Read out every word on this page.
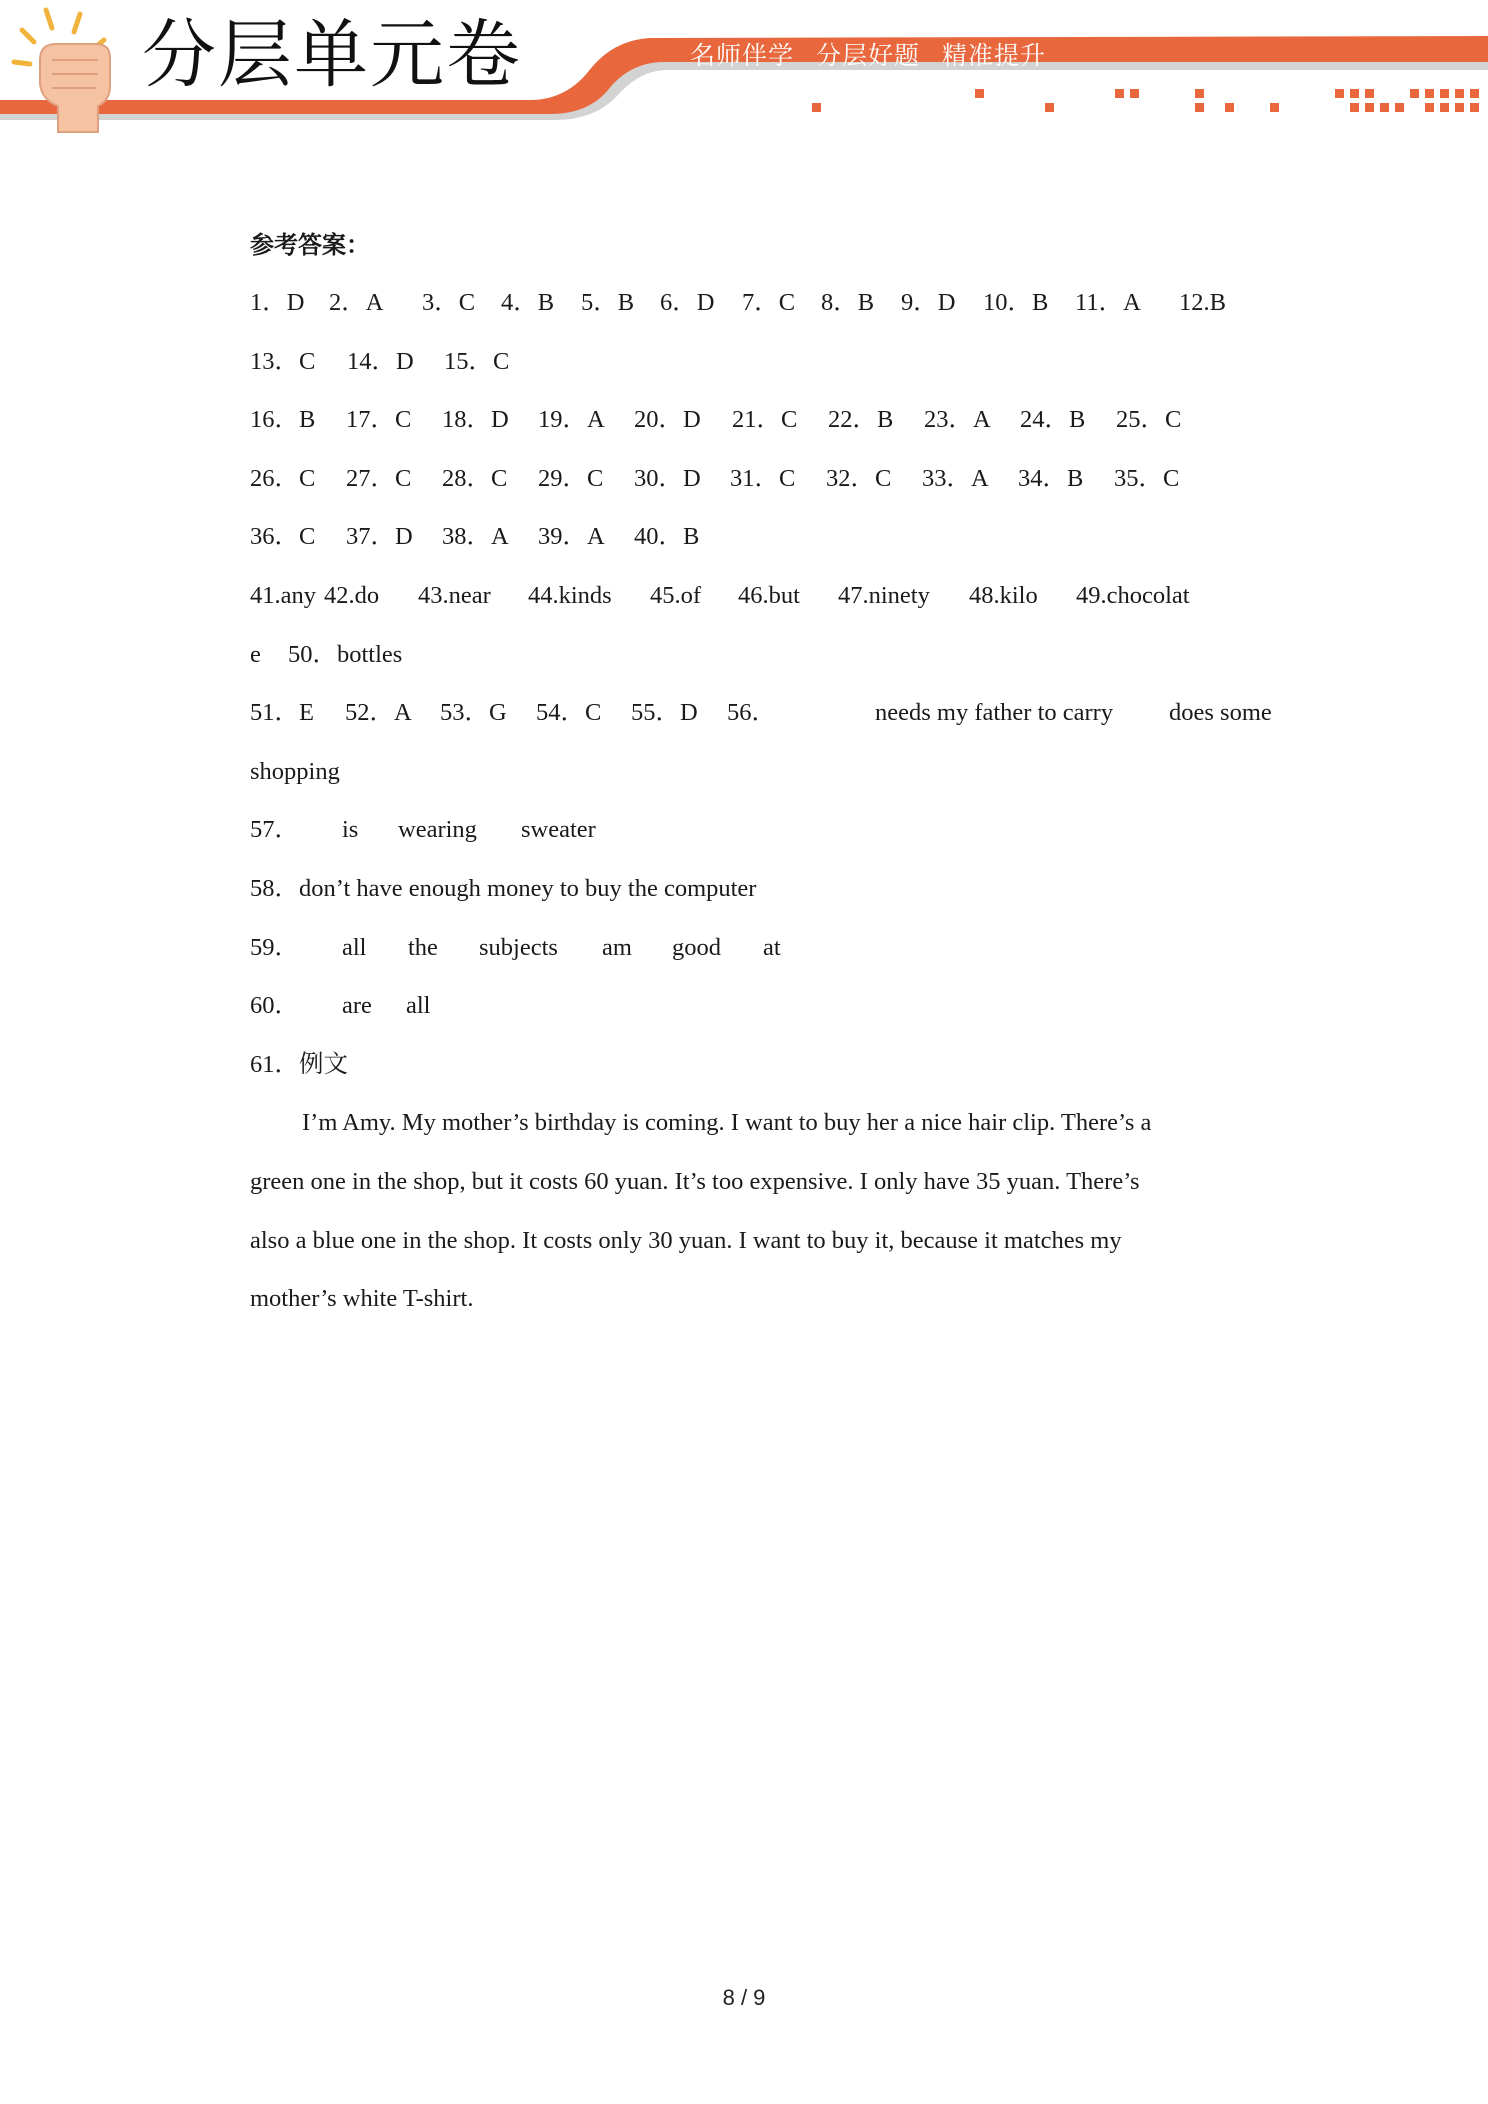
分层单元卷	名师伴学 分层好题 精准提升
参考答案：
1．D 2．A 3．C 4．B 5．B 6．D 7．C 8．B 9．D 10．B 11．A 12.B
13．C 14．D 15．C
16．B 17．C 18．D 19．A 20．D 21．C 22．B 23．A 24．B 25．C
26．C 27．C 28．C 29．C 30．D 31．C 32．C 33．A 34．B 35．C
36．C 37．D 38．A 39．A 40．B
41.any 42.do 43.near 44.kinds 45.of 46.but 47.ninety 48.kilo 49.chocolat
e 50．bottles
51．E 52．A 53．G 54．C 55．D 56．	needs my father to carry does some
shopping
57． is wearing sweater
58．don’t have enough money to buy the computer
59． all the subjects am good at
60． are all
61．例文
I’m Amy. My mother’s birthday is coming. I want to buy her a nice hair clip. There’s a
green one in the shop, but it costs 60 yuan. It’s too expensive. I only have 35 yuan. There’s
also a blue one in the shop. It costs only 30 yuan. I want to buy it, because it matches my
mother’s white T-shirt.
8 / 9
